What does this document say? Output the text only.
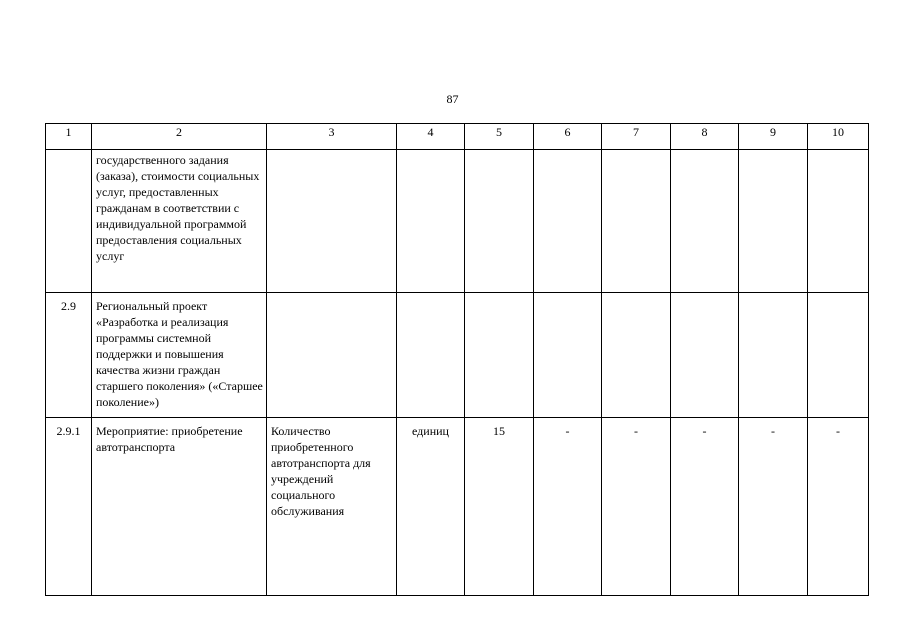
87
1	2	3	4	5	6	7	8	9	10
	государственного задания (заказа), стоимости социальных услуг, предоставленных гражданам в соответствии с индивидуальной программой предоставления социальных услуг								
2.9	Региональный проект «Разработка и реализация программы системной поддержки и повышения качества жизни граждан старшего поколения» («Старшее поколение»)								
2.9.1	Мероприятие: приобретение автотранспорта	Количество приобретенного автотранспорта для учреждений социального обслуживания	единиц	15	-	-	-	-	-
